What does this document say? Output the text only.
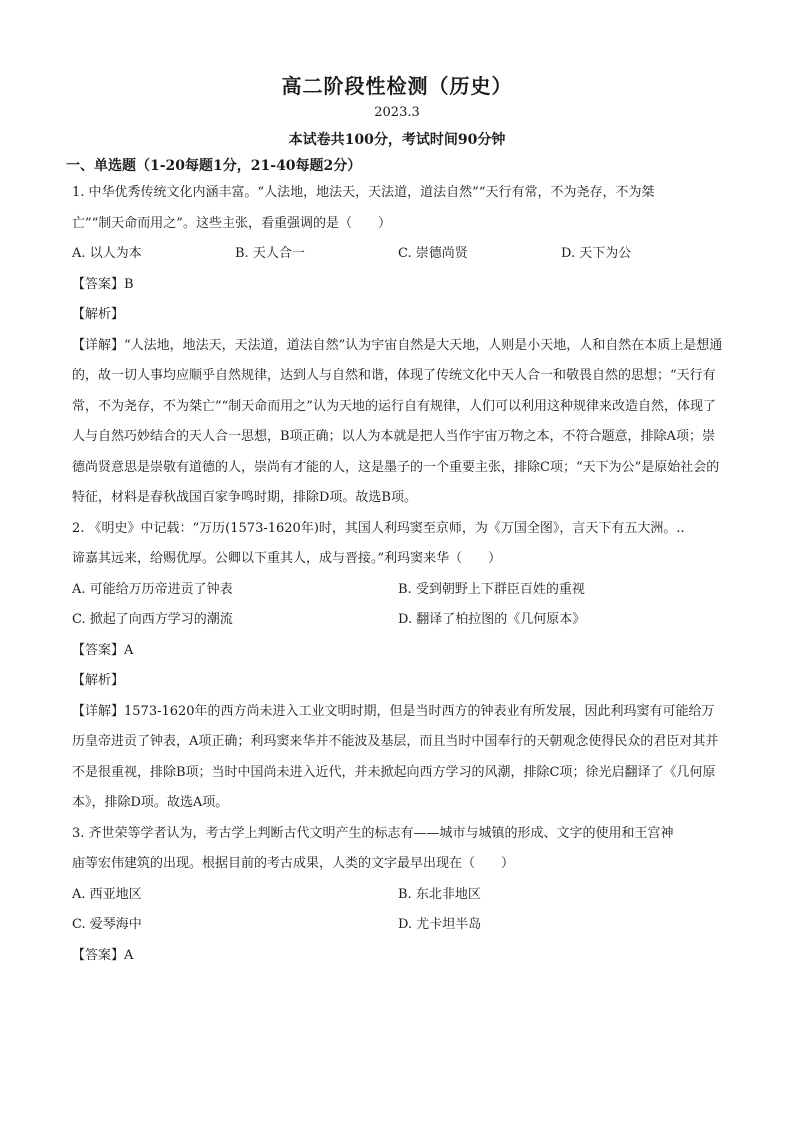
高二阶段性检测（历史）
2023.3
本试卷共100分，考试时间90分钟
一、单选题（1-20每题1分，21-40每题2分）

1. 中华优秀传统文化内涵丰富。“人法地，地法天，天法道，道法自然”“天行有常，不为尧存，不为桀

亡”“制天命而用之”。这些主张，看重强调的是（　　）

A. 以人为本	B. 天人合一	C. 崇德尚贤	D. 天下为公

【答案】B

【解析】

【详解】“人法地，地法天，天法道，道法自然”认为宇宙自然是大天地，人则是小天地，人和自然在本质上是想通的，故一切人事均应顺乎自然规律，达到人与自然和谐，体现了传统文化中天人合一和敬畏自然的思想；“天行有常，不为尧存，不为桀亡”“制天命而用之”认为天地的运行自有规律，人们可以利用这种规律来改造自然，体现了人与自然巧妙结合的天人合一思想，B项正确；以人为本就是把人当作宇宙万物之本，不符合题意，排除A项；崇德尚贤意思是崇敬有道德的人，崇尚有才能的人，这是墨子的一个重要主张，排除C项；“天下为公”是原始社会的特征，材料是春秋战国百家争鸣时期，排除D项。故选B项。

2. 《明史》中记载：“万历(1573-1620年)时，其国人利玛窦至京师，为《万国全图》，言天下有五大洲。..

谛嘉其远来，给赐优厚。公卿以下重其人，成与晋接。”利玛窦来华（　　）

A. 可能给万历帝进贡了钟表	B. 受到朝野上下群臣百姓的重视
C. 掀起了向西方学习的潮流	D. 翻译了柏拉图的《几何原本》

【答案】A

【解析】

【详解】1573-1620年的西方尚未进入工业文明时期，但是当时西方的钟表业有所发展，因此利玛窦有可能给万历皇帝进贡了钟表，A项正确；利玛窦来华并不能波及基层，而且当时中国奉行的天朝观念使得民众的君臣对其并不是很重视，排除B项；当时中国尚未进入近代，并未掀起向西方学习的风潮，排除C项；徐光启翻译了《几何原本》，排除D项。故选A项。

3. 齐世荣等学者认为，考古学上判断古代文明产生的标志有——城市与城镇的形成、文字的使用和王宫神

庙等宏伟建筑的出现。根据目前的考古成果，人类的文字最早出现在（　　）

A. 西亚地区	B. 东北非地区
C. 爱琴海中	D. 尤卡坦半岛

【答案】A
